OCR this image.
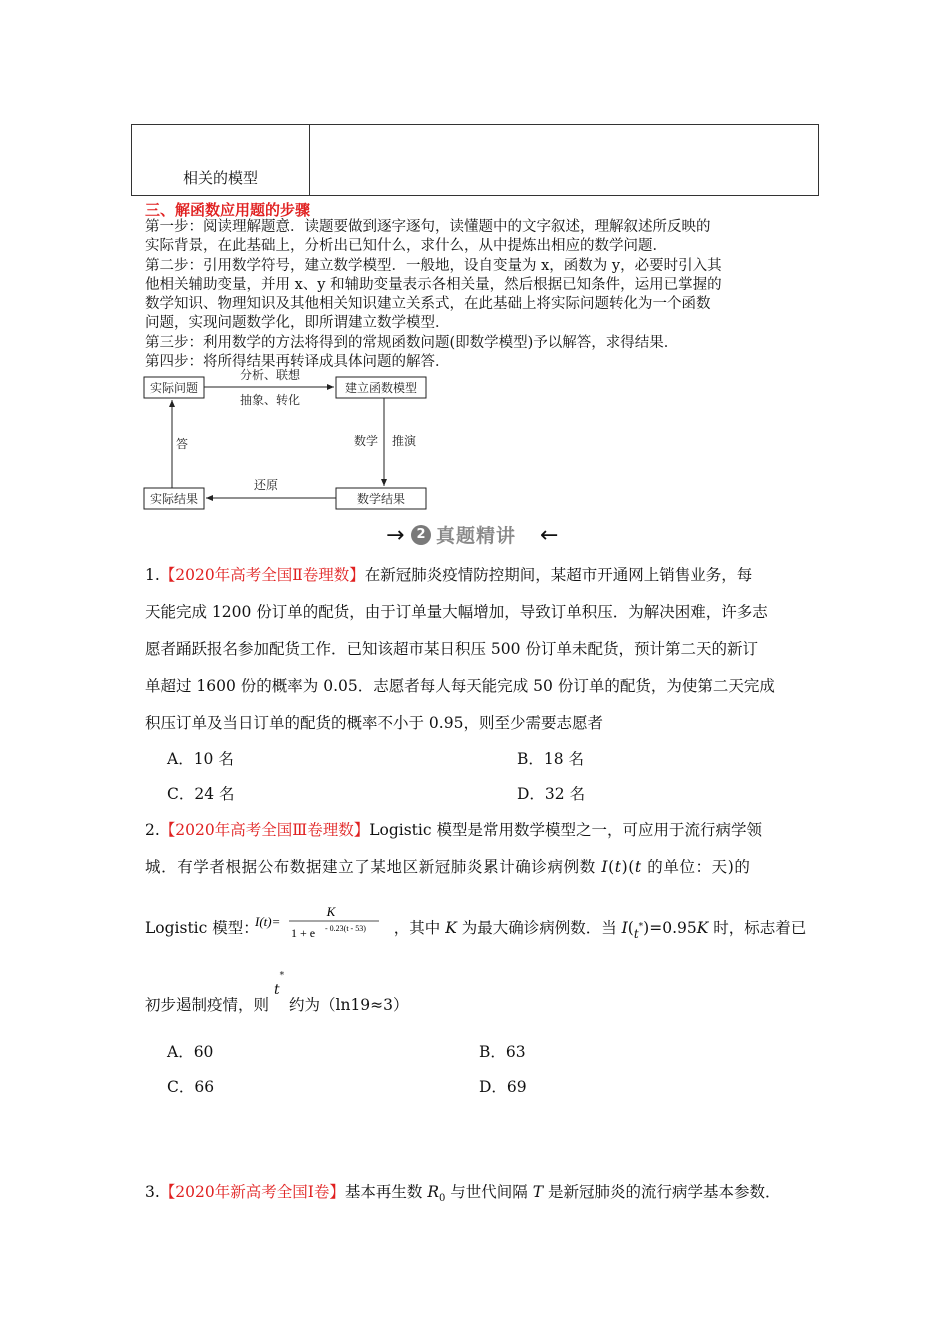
相关的模型
三、解函数应用题的步骤

第一步：阅读理解题意．读题要做到逐字逐句，读懂题中的文字叙述，理解叙述所反映的

实际背景，在此基础上，分析出已知什么，求什么，从中提炼出相应的数学问题．

第二步：引用数学符号，建立数学模型．一般地，设自变量为 x，函数为 y，必要时引入其

他相关辅助变量，并用 x、y 和辅助变量表示各相关量，然后根据已知条件，运用已掌握的

数学知识、物理知识及其他相关知识建立关系式，在此基础上将实际问题转化为一个函数

问题，实现问题数学化，即所谓建立数学模型．

第三步：利用数学的方法将得到的常规函数问题(即数学模型)予以解答，求得结果．

第四步：将所得结果再转译成具体问题的解答．

实际问题	建立函数模型
数学结果
实际结果
分析、联想
抽象、转化
数学 推演
还原
答
→ 2 真题精讲 ←
1.【2020年高考全国Ⅱ卷理数】在新冠肺炎疫情防控期间，某超市开通网上销售业务，每
天能完成 1200 份订单的配货，由于订单量大幅增加，导致订单积压．为解决困难，许多志
愿者踊跃报名参加配货工作．已知该超市某日积压 500 份订单未配货，预计第二天的新订
单超过 1600 份的概率为 0.05．志愿者每人每天能完成 50 份订单的配货，为使第二天完成
积压订单及当日订单的配货的概率不小于 0.95，则至少需要志愿者
A．10 名	B．18 名
C．24 名	D．32 名
2.【2020年高考全国Ⅲ卷理数】Logistic 模型是常用数学模型之一，可应用于流行病学领
城．有学者根据公布数据建立了某地区新冠肺炎累计确诊病例数 I(t)(t 的单位：天)的
Logistic 模型：	，其中 K 为最大确诊病例数．当 $I(_t^*)=0.95K$ 时，标志着已
初步遏制疫情，则 t* 约为（ln19≈3）
A．60	B．63
C．66	D．69
I(t)=
K
1 + e - 0.23(t - 53)
3.【2020年新高考全国Ⅰ卷】基本再生数 $R_0$ 与世代间隔 T 是新冠肺炎的流行病学基本参数．
